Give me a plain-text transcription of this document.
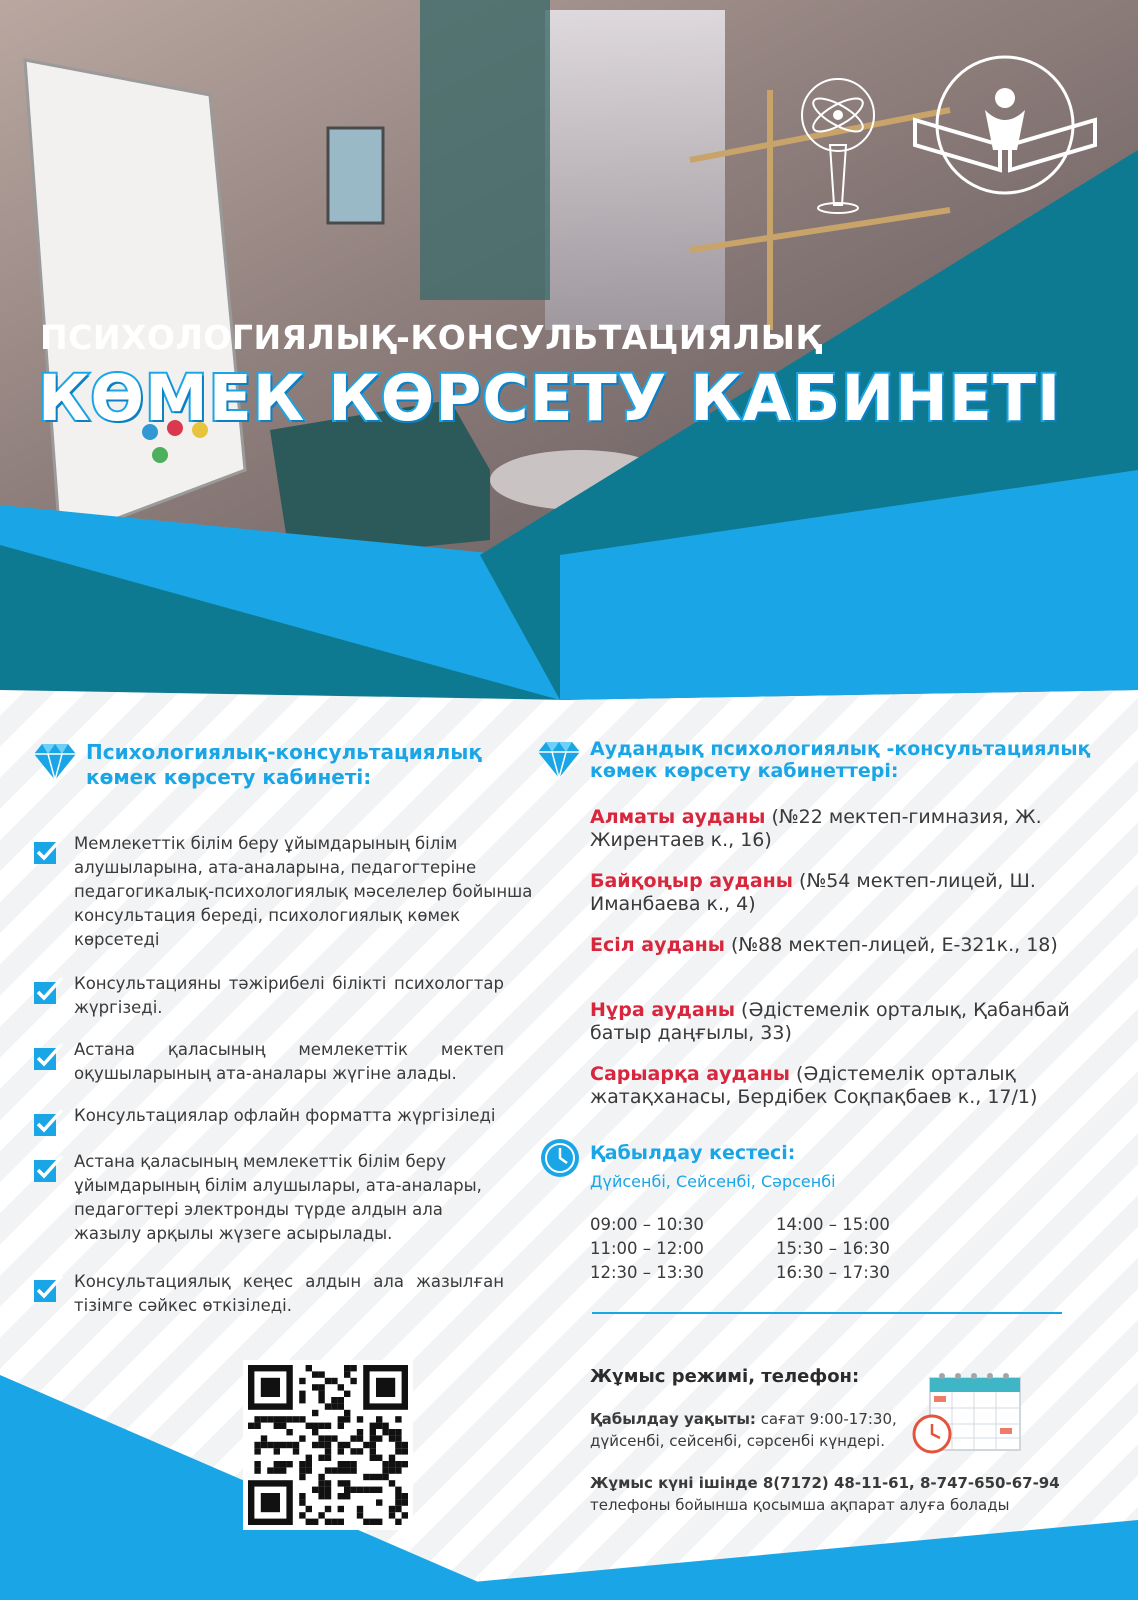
ПСИХОЛОГИЯЛЫҚ-КОНСУЛЬТАЦИЯЛЫҚ
КӨМЕК КӨРСЕТУ КАБИНЕТІ
Психологиялық-консультациялық
көмек көрсету кабинеті:
Мемлекеттік білім беру ұйымдарының білім алушыларына, ата-аналарына, педагогтеріне педагогикалық-психологиялық мәселелер бойынша консультация береді, психологиялық көмек көрсетеді
Консультацияны тәжірибелі білікті психологтар жүргізеді.
Астана қаласының мемлекеттік мектеп оқушыларының ата-аналары жүгіне алады.
Консультациялар офлайн форматта жүргізіледі
Астана қаласының мемлекеттік білім беру ұйымдарының білім алушылары, ата-аналары, педагогтері электронды түрде алдын ала жазылу арқылы жүзеге асырылады.
Консультациялық кеңес алдын ала жазылған тізімге сәйкес өткізіледі.
Аудандық психологиялық -консультациялық
көмек көрсету кабинеттері:
Алматы ауданы (№22 мектеп-гимназия, Ж. Жирентаев к., 16)
Байқоңыр ауданы (№54 мектеп-лицей, Ш. Иманбаева к., 4)
Есіл ауданы (№88 мектеп-лицей, Е-321к., 18)
Нұра ауданы (Әдістемелік орталық, Қабанбай батыр даңғылы, 33)
Сарыарқа ауданы (Әдістемелік орталық жатақханасы, Бердібек Соқпақбаев к., 17/1)
Қабылдау кестесі:
Дүйсенбі, Сейсенбі, Сәрсенбі
09:00 – 10:30
11:00 – 12:00
12:30 – 13:30
14:00 – 15:00
15:30 – 16:30
16:30 – 17:30
Жұмыс режимі, телефон:
Қабылдау уақыты: сағат 9:00-17:30,
дүйсенбі, сейсенбі, сәрсенбі күндері.
Жұмыс күні ішінде 8(7172) 48-11-61, 8-747-650-67-94
телефоны бойынша қосымша ақпарат алуға болады
